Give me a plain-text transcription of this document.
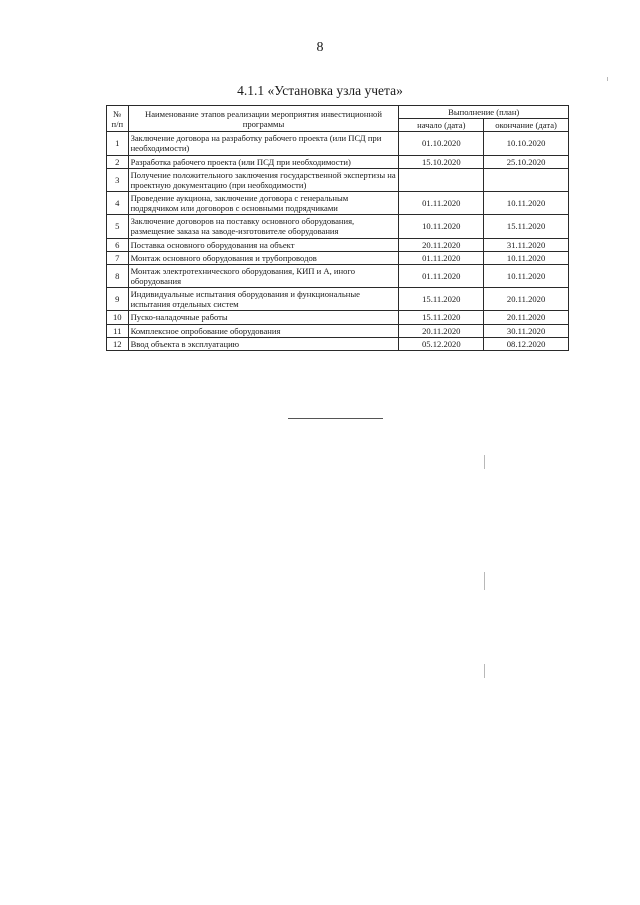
8
4.1.1 «Установка узла учета»
№ п/п	Наименование этапов реализации мероприятия инвестиционной программы	Выполнение (план)	
		начало (дата)	окончание (дата)
1	Заключение договора на разработку рабочего проекта (или ПСД при необходимости)	01.10.2020	10.10.2020
2	Разработка рабочего проекта (или ПСД при необходимости)	15.10.2020	25.10.2020
3	Получение положительного заключения государственной экспертизы на проектную документацию (при необходимости)		
4	Проведение аукциона, заключение договора с генеральным подрядчиком или договоров с основными подрядчиками	01.11.2020	10.11.2020
5	Заключение договоров на поставку основного оборудования, размещение заказа на заводе-изготовителе оборудования	10.11.2020	15.11.2020
6	Поставка основного оборудования на объект	20.11.2020	31.11.2020
7	Монтаж основного оборудования и трубопроводов	01.11.2020	10.11.2020
8	Монтаж электротехнического оборудования, КИП и А, иного оборудования	01.11.2020	10.11.2020
9	Индивидуальные испытания оборудования и функциональные испытания отдельных систем	15.11.2020	20.11.2020
10	Пуско-наладочные работы	15.11.2020	20.11.2020
11	Комплексное опробование оборудования	20.11.2020	30.11.2020
12	Ввод объекта в эксплуатацию	05.12.2020	08.12.2020
